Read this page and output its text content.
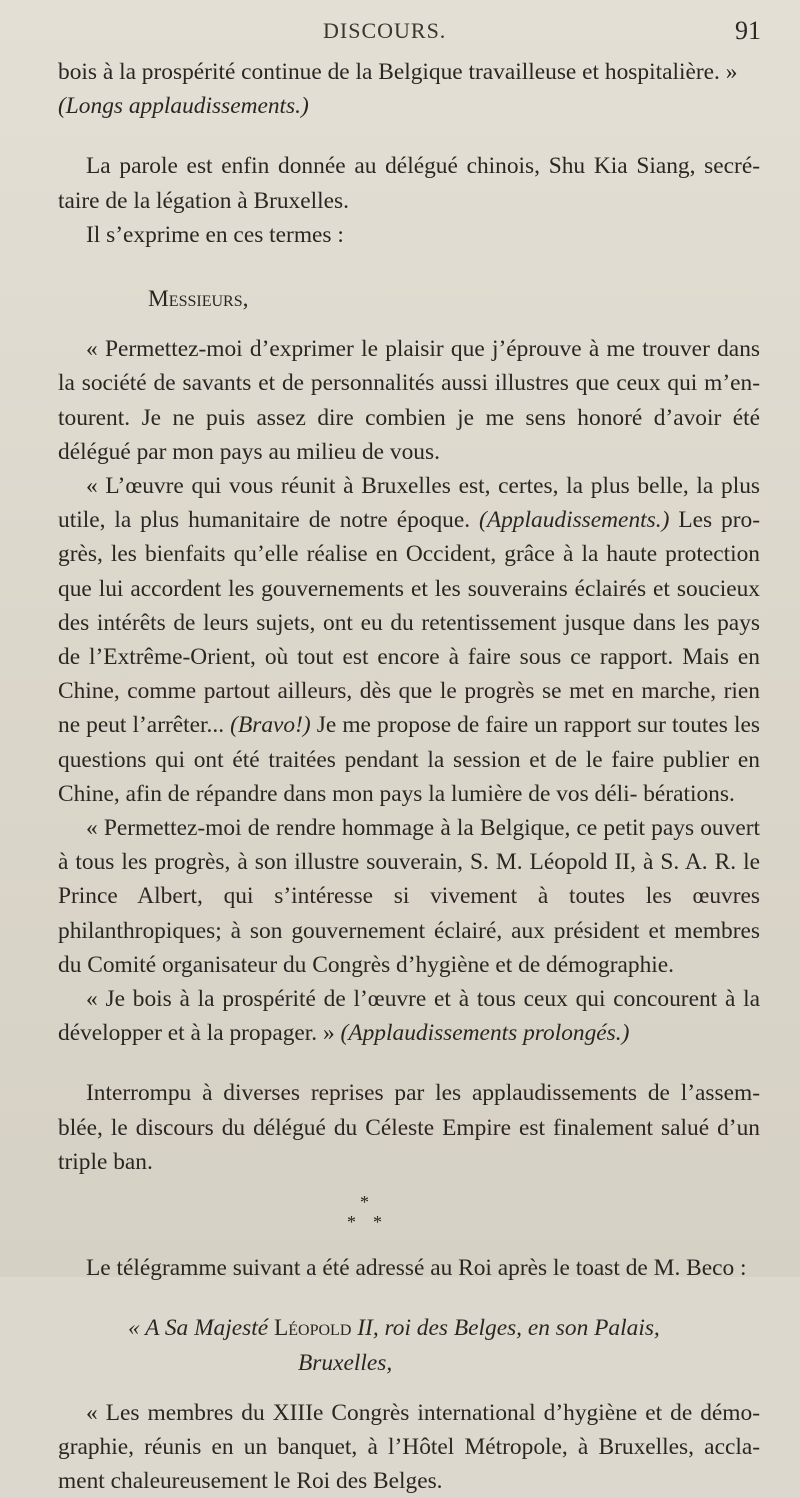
DISCOURS.	91

bois à la prospérité continue de la Belgique travailleuse et hospitalière. »
(Longs applaudissements.)

La parole est enfin donnée au délégué chinois, Shu Kia Siang, secré- taire de la légation à Bruxelles.

Il s’exprime en ces termes :

Messieurs,

« Permettez-moi d’exprimer le plaisir que j’éprouve à me trouver dans la société de savants et de personnalités aussi illustres que ceux qui m’en- tourent. Je ne puis assez dire combien je me sens honoré d’avoir été délégué par mon pays au milieu de vous.

« L’œuvre qui vous réunit à Bruxelles est, certes, la plus belle, la plus utile, la plus humanitaire de notre époque. (Applaudissements.) Les pro- grès, les bienfaits qu’elle réalise en Occident, grâce à la haute protection que lui accordent les gouvernements et les souverains éclairés et soucieux des intérêts de leurs sujets, ont eu du retentissement jusque dans les pays de l’Extrême-Orient, où tout est encore à faire sous ce rapport. Mais en Chine, comme partout ailleurs, dès que le progrès se met en marche, rien ne peut l’arrêter... (Bravo!) Je me propose de faire un rapport sur toutes les questions qui ont été traitées pendant la session et de le faire publier en Chine, afin de répandre dans mon pays la lumière de vos déli- bérations.

« Permettez-moi de rendre hommage à la Belgique, ce petit pays ouvert à tous les progrès, à son illustre souverain, S. M. Léopold II, à S. A. R. le Prince Albert, qui s’intéresse si vivement à toutes les œuvres philanthropiques; à son gouvernement éclairé, aux président et membres du Comité organisateur du Congrès d’hygiène et de démographie.

« Je bois à la prospérité de l’œuvre et à tous ceux qui concourent à la développer et à la propager. » (Applaudissements prolongés.)

Interrompu à diverses reprises par les applaudissements de l’assem- blée, le discours du délégué du Céleste Empire est finalement salué d’un triple ban.

*
* *

Le télégramme suivant a été adressé au Roi après le toast de M. Beco :

« A Sa Majesté Léopold II, roi des Belges, en son Palais,

Bruxelles,

« Les membres du XIIIe Congrès international d’hygiène et de démo- graphie, réunis en un banquet, à l’Hôtel Métropole, à Bruxelles, accla- ment chaleureusement le Roi des Belges.
